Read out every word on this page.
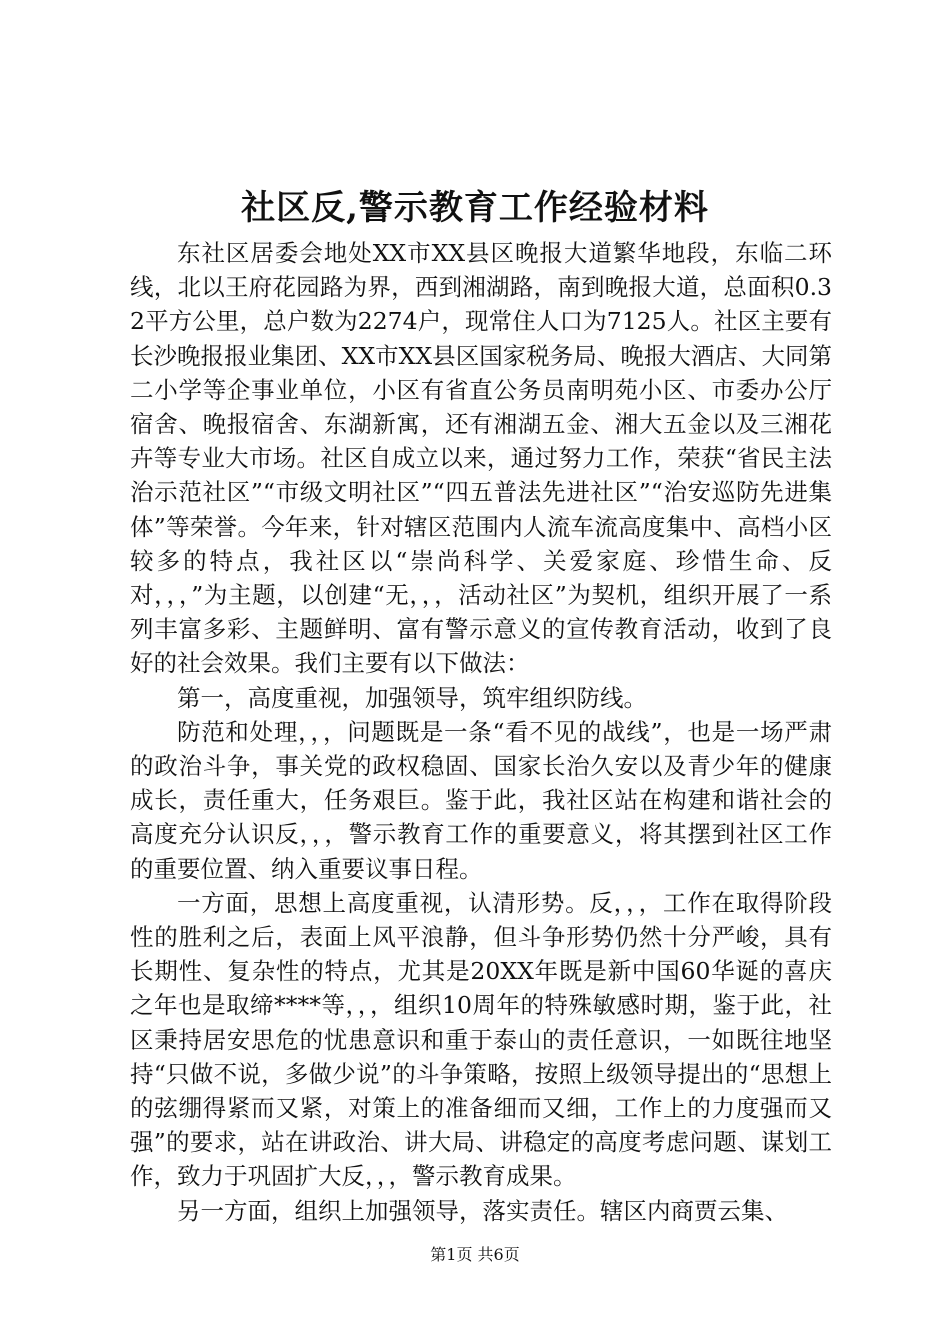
社区反,警示教育工作经验材料

东社区居委会地处XX市XX县区晚报大道繁华地段，东临二环线，北以王府花园路为界，西到湘湖路，南到晚报大道，总面积0.32平方公里，总户数为2274户，现常住人口为7125人。社区主要有长沙晚报报业集团、XX市XX县区国家税务局、晚报大酒店、大同第二小学等企事业单位，小区有省直公务员南明苑小区、市委办公厅宿舍、晚报宿舍、东湖新寓，还有湘湖五金、湘大五金以及三湘花卉等专业大市场。社区自成立以来，通过努力工作，荣获“省民主法治示范社区”“市级文明社区”“四五普法先进社区”“治安巡防先进集体”等荣誉。今年来，针对辖区范围内人流车流高度集中、高档小区较多的特点，我社区以“崇尚科学、关爱家庭、珍惜生命、反对，，，”为主题，以创建“无，，，活动社区”为契机，组织开展了一系列丰富多彩、主题鲜明、富有警示意义的宣传教育活动，收到了良好的社会效果。我们主要有以下做法：

第一，高度重视，加强领导，筑牢组织防线。

防范和处理，，，问题既是一条“看不见的战线”，也是一场严肃的政治斗争，事关党的政权稳固、国家长治久安以及青少年的健康成长，责任重大，任务艰巨。鉴于此，我社区站在构建和谐社会的高度充分认识反，，，警示教育工作的重要意义，将其摆到社区工作的重要位置、纳入重要议事日程。

一方面，思想上高度重视，认清形势。反，，，工作在取得阶段性的胜利之后，表面上风平浪静，但斗争形势仍然十分严峻，具有长期性、复杂性的特点，尤其是20XX年既是新中国60华诞的喜庆之年也是取缔****等，，，组织10周年的特殊敏感时期，鉴于此，社区秉持居安思危的忧患意识和重于泰山的责任意识，一如既往地坚持“只做不说，多做少说”的斗争策略，按照上级领导提出的“思想上的弦绷得紧而又紧，对策上的准备细而又细，工作上的力度强而又强”的要求，站在讲政治、讲大局、讲稳定的高度考虑问题、谋划工作，致力于巩固扩大反，，，警示教育成果。

另一方面，组织上加强领导，落实责任。辖区内商贾云集、

第1页 共6页
